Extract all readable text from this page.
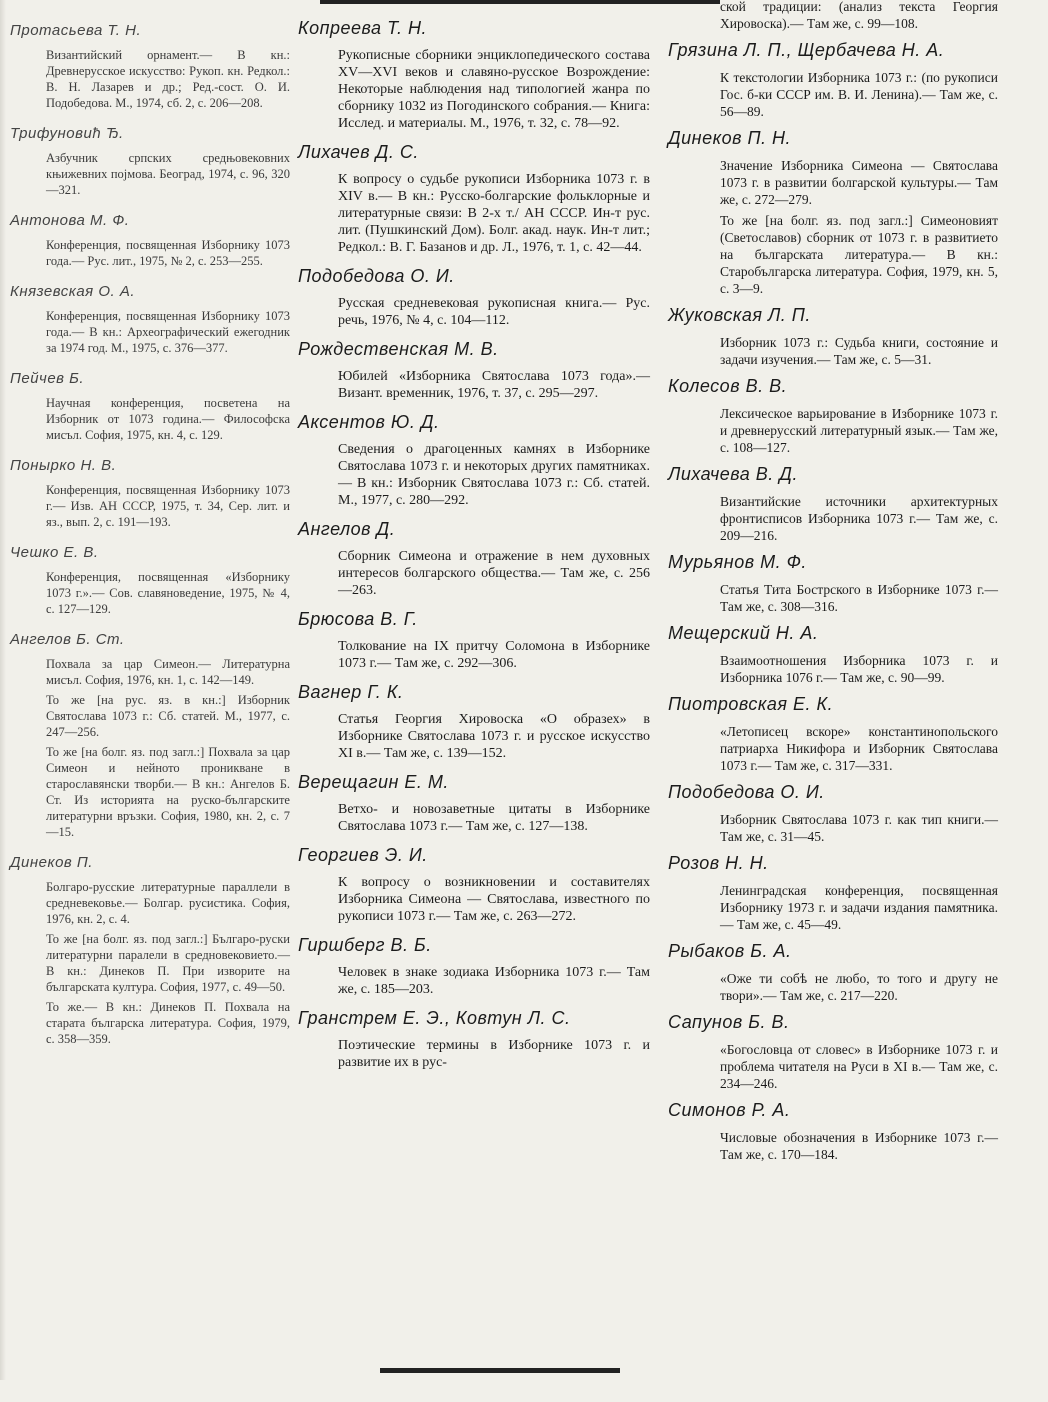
Протасьева Т. Н.
Византийский орнамент.— В кн.: Древнерусское искусство: Рукоп. кн. Редкол.: В. Н. Лазарев и др.; Ред.-сост. О. И. Подобедова. М., 1974, сб. 2, с. 206—208.
Трифуновић Ђ.
Азбучник српских средњовековних књижевних појмова. Београд, 1974, с. 96, 320—321.
Антонова М. Ф.
Конференция, посвященная Изборнику 1073 года.— Рус. лит., 1975, № 2, с. 253—255.
Князевская О. А.
Конференция, посвященная Изборнику 1073 года.— В кн.: Археографический ежегодник за 1974 год. М., 1975, с. 376—377.
Пейчев Б.
Научная конференция, посветена на Изборник от 1073 година.— Философска мисъл. София, 1975, кн. 4, с. 129.
Понырко Н. В.
Конференция, посвященная Изборнику 1073 г.— Изв. АН СССР, 1975, т. 34, Сер. лит. и яз., вып. 2, с. 191—193.
Чешко Е. В.
Конференция, посвященная «Изборнику 1073 г.».— Сов. славяноведение, 1975, № 4, с. 127—129.
Ангелов Б. Ст.
Похвала за цар Симеон.— Литературна мисъл. София, 1976, кн. 1, с. 142—149.
То же [на рус. яз. в кн.:] Изборник Святослава 1073 г.: Сб. статей. М., 1977, с. 247—256.
То же [на болг. яз. под загл.:] Похвала за цар Симеон и нейното проникване в старославянски творби.— В кн.: Ангелов Б. Ст. Из историята на руско-българските литературни връзки. София, 1980, кн. 2, с. 7—15.
Динеков П.
Болгаро-русские литературные параллели в средневековье.— Болгар. русистика. София, 1976, кн. 2, с. 4.
То же [на болг. яз. под загл.:] Българо-руски литературни паралели в средновековието.— В кн.: Динеков П. При изворите на българската култура. София, 1977, с. 49—50.
То же.— В кн.: Динеков П. Похвала на старата българска литература. София, 1979, с. 358—359.
Копреева Т. Н.
Рукописные сборники энциклопедического состава XV—XVI веков и славяно-русское Возрождение: Некоторые наблюдения над типологией жанра по сборнику 1032 из Погодинского собрания.— Книга: Исслед. и материалы. М., 1976, т. 32, с. 78—92.
Лихачев Д. С.
К вопросу о судьбе рукописи Изборника 1073 г. в XIV в.— В кн.: Русско-болгарские фольклорные и литературные связи: В 2-х т./ АН СССР. Ин-т рус. лит. (Пушкинский Дом). Болг. акад. наук. Ин-т лит.; Редкол.: В. Г. Базанов и др. Л., 1976, т. 1, с. 42—44.
Подобедова О. И.
Русская средневековая рукописная книга.— Рус. речь, 1976, № 4, с. 104—112.
Рождественская М. В.
Юбилей «Изборника Святослава 1073 года».— Визант. временник, 1976, т. 37, с. 295—297.
Аксентов Ю. Д.
Сведения о драгоценных камнях в Изборнике Святослава 1073 г. и некоторых других памятниках.— В кн.: Изборник Святослава 1073 г.: Сб. статей. М., 1977, с. 280—292.
Ангелов Д.
Сборник Симеона и отражение в нем духовных интересов болгарского общества.— Там же, с. 256—263.
Брюсова В. Г.
Толкование на IX притчу Соломона в Изборнике 1073 г.— Там же, с. 292—306.
Вагнер Г. К.
Статья Георгия Хировоска «О образех» в Изборнике Святослава 1073 г. и русское искусство XI в.— Там же, с. 139—152.
Верещагин Е. М.
Ветхо- и новозаветные цитаты в Изборнике Святослава 1073 г.— Там же, с. 127—138.
Георгиев Э. И.
К вопросу о возникновении и составителях Изборника Симеона — Святослава, известного по рукописи 1073 г.— Там же, с. 263—272.
Гиршберг В. Б.
Человек в знаке зодиака Изборника 1073 г.— Там же, с. 185—203.
Гранстрем Е. Э., Ковтун Л. С.
Поэтические термины в Изборнике 1073 г. и развитие их в рус-
ской традиции: (анализ текста Георгия Хировоска).— Там же, с. 99—108.
Грязина Л. П., Щербачева Н. А.
К текстологии Изборника 1073 г.: (по рукописи Гос. б-ки СССР им. В. И. Ленина).— Там же, с. 56—89.
Динеков П. Н.
Значение Изборника Симеона — Святослава 1073 г. в развитии болгарской культуры.— Там же, с. 272—279.
То же [на болг. яз. под загл.:] Симеоновият (Светославов) сборник от 1073 г. в развитието на българската литература.— В кн.: Старобългарска литература. София, 1979, кн. 5, с. 3—9.
Жуковская Л. П.
Изборник 1073 г.: Судьба книги, состояние и задачи изучения.— Там же, с. 5—31.
Колесов В. В.
Лексическое варьирование в Изборнике 1073 г. и древнерусский литературный язык.— Там же, с. 108—127.
Лихачева В. Д.
Византийские источники архитектурных фронтисписов Изборника 1073 г.— Там же, с. 209—216.
Мурьянов М. Ф.
Статья Тита Бострского в Изборнике 1073 г.— Там же, с. 308—316.
Мещерский Н. А.
Взаимоотношения Изборника 1073 г. и Изборника 1076 г.— Там же, с. 90—99.
Пиотровская Е. К.
«Летописец вскоре» константинопольского патриарха Никифора и Изборник Святослава 1073 г.— Там же, с. 317—331.
Подобедова О. И.
Изборник Святослава 1073 г. как тип книги.— Там же, с. 31—45.
Розов Н. Н.
Ленинградская конференция, посвященная Изборнику 1973 г. и задачи издания памятника.— Там же, с. 45—49.
Рыбаков Б. А.
«Оже ти собѣ не любо, то того и другу не твори».— Там же, с. 217—220.
Сапунов Б. В.
«Богословца от словес» в Изборнике 1073 г. и проблема читателя на Руси в XI в.— Там же, с. 234—246.
Симонов Р. А.
Числовые обозначения в Изборнике 1073 г.— Там же, с. 170—184.
